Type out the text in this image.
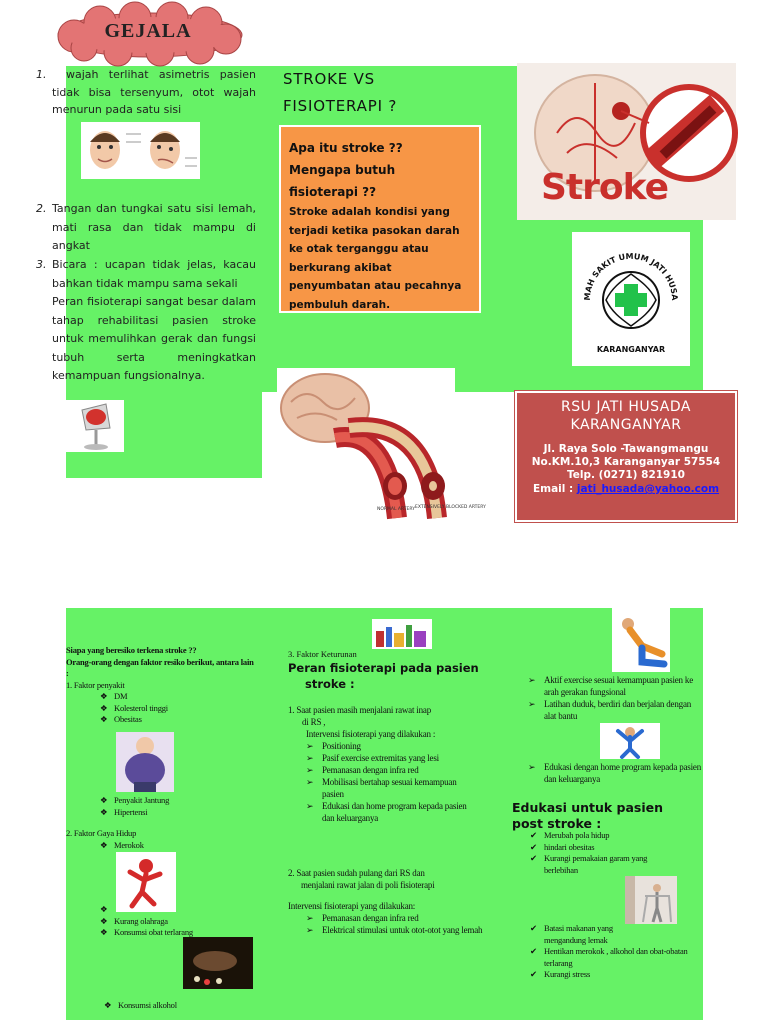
GEJALA
1.	wajah terlihat asimetris pasien tidak bisa tersenyum, otot wajah menurun pada satu sisi
2. Tangan dan tungkai satu sisi lemah, mati rasa dan tidak mampu di angkat
3. Bicara : ucapan tidak jelas, kacau bahkan tidak mampu sama sekali
Peran fisioterapi sangat besar dalam tahap rehabilitasi pasien stroke untuk memulihkan gerak dan fungsi tubuh serta meningkatkan kemampuan fungsionalnya.
STROKE VS
FISIOTERAPI ?
Apa itu stroke ??
Mengapa butuh
fisioterapi ??
Stroke adalah kondisi yang terjadi ketika pasokan darah ke otak terganggu atau berkurang akibat penyumbatan atau pecahnya pembuluh darah.
NORMAL ARTERY EXTENSIVELY BLOCKED ARTERY
Stroke
MAH SAKIT UMUM JATI HUSA
KARANGANYAR
RSU JATI HUSADA
KARANGANYAR
Jl. Raya Solo -Tawangmangu
No.KM.10,3 Karanganyar 57554
Telp. (0271) 821910
Email : jati_husada@yahoo.com
Siapa yang beresiko terkena stroke ??
Orang-orang dengan faktor resiko berikut, antara lain :
1. Faktor penyakit
❖ DM
❖ Kolesterol tinggi
❖ Obesitas
❖ Penyakit Jantung
❖ Hipertensi
2. Faktor Gaya Hidup
❖ Merokok
❖
❖ Kurang olahraga
❖ Konsumsi obat terlarang
❖ Konsumsi alkohol
3. Faktor Keturunan
Peran fisioterapi pada pasien
stroke :
1. Saat pasien masih menjalani rawat inap
di RS ,
Intervensi fisioterapi yang dilakukan :
➢ Positioning
➢ Pasif exercise extremitas yang lesi
➢ Pemanasan dengan infra red
➢ Mobilisasi bertahap sesuai kemampuan pasien
➢ Edukasi dan home program kepada pasien dan keluarganya
2. Saat pasien sudah pulang dari RS dan
menjalani rawat jalan di poli fisioterapi
Intervensi fisioterapi yang dilakukan:
➢ Pemanasan dengan infra red
➢ Elektrical stimulasi untuk otot-otot yang lemah
➢ Aktif exercise sesuai kemampuan pasien ke arah gerakan fungsional
➢ Latihan duduk, berdiri dan berjalan dengan alat bantu
➢ Edukasi dengan home program kepada pasien dan keluarganya
Edukasi untuk pasien
post stroke :
✔ Merubah pola hidup
✔ hindari obesitas
✔ Kurangi pemakaian garam yang berlebihan
✔ Batasi makanan yang mengandung lemak
✔ Hentikan merokok , alkohol dan obat-obatan terlarang
✔ Kurangi stress
